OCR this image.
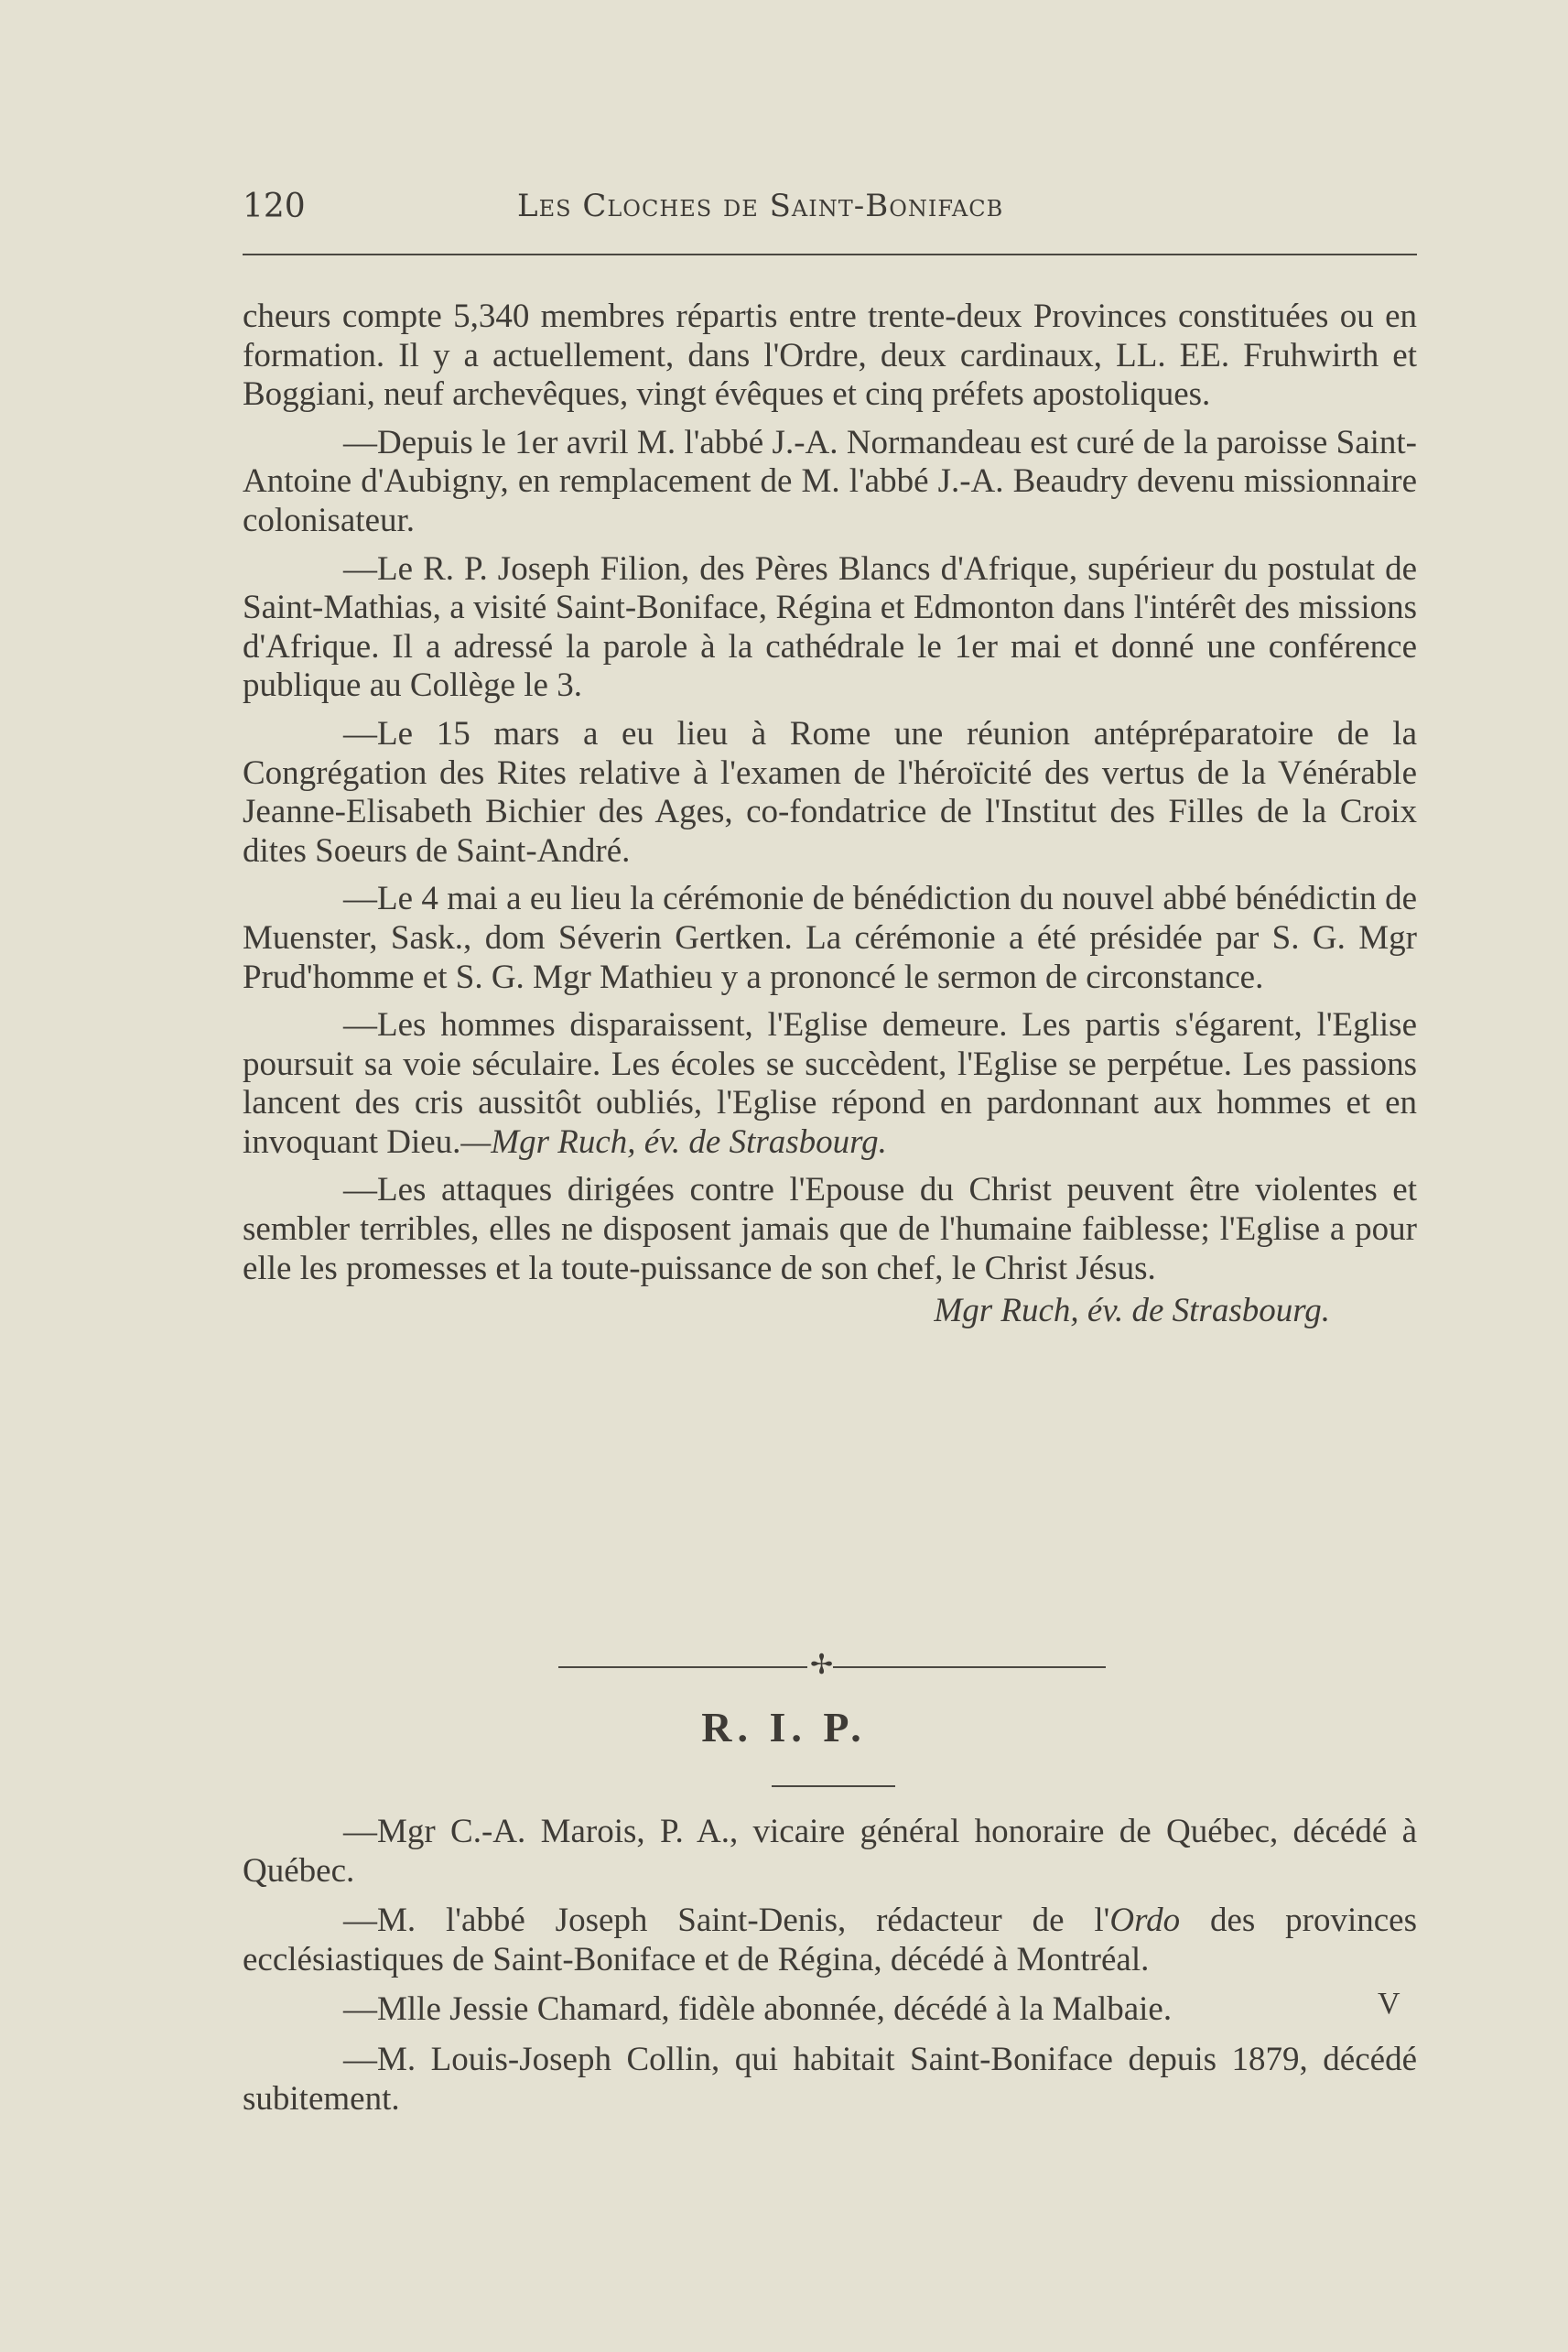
120	Les Cloches de Saint-Bonifacb

cheurs compte 5,340 membres répartis entre trente-deux Provinces constituées ou en formation. Il y a actuellement, dans l'Ordre, deux cardinaux, LL. EE. Fruhwirth et Boggiani, neuf archevêques, vingt évêques et cinq préfets apostoliques.

—Depuis le 1er avril M. l'abbé J.-A. Normandeau est curé de la paroisse Saint-Antoine d'Aubigny, en remplacement de M. l'abbé J.-A. Beaudry devenu missionnaire colonisateur.

—Le R. P. Joseph Filion, des Pères Blancs d'Afrique, supérieur du postulat de Saint-Mathias, a visité Saint-Boniface, Régina et Edmonton dans l'intérêt des missions d'Afrique. Il a adressé la parole à la cathédrale le 1er mai et donné une conférence publique au Collège le 3.

—Le 15 mars a eu lieu à Rome une réunion antépréparatoire de la Congrégation des Rites relative à l'examen de l'héroïcité des vertus de la Vénérable Jeanne-Elisabeth Bichier des Ages, co-fondatrice de l'Institut des Filles de la Croix dites Soeurs de Saint-André.

—Le 4 mai a eu lieu la cérémonie de bénédiction du nouvel abbé bénédictin de Muenster, Sask., dom Séverin Gertken. La cérémonie a été présidée par S. G. Mgr Prud'homme et S. G. Mgr Mathieu y a prononcé le sermon de circonstance.

—Les hommes disparaissent, l'Eglise demeure. Les partis s'égarent, l'Eglise poursuit sa voie séculaire. Les écoles se succèdent, l'Eglise se perpétue. Les passions lancent des cris aussitôt oubliés, l'Eglise répond en pardonnant aux hommes et en invoquant Dieu.—Mgr Ruch, év. de Strasbourg.

—Les attaques dirigées contre l'Epouse du Christ peuvent être violentes et sembler terribles, elles ne disposent jamais que de l'humaine faiblesse; l'Eglise a pour elle les promesses et la toute-puissance de son chef, le Christ Jésus.

Mgr Ruch, év. de Strasbourg.

✢
R. I. P.

—Mgr C.-A. Marois, P. A., vicaire général honoraire de Québec, décédé à Québec.

—M. l'abbé Joseph Saint-Denis, rédacteur de l'Ordo des provinces ecclésiastiques de Saint-Boniface et de Régina, décédé à Montréal.

—Mlle Jessie Chamard, fidèle abonnée, décédé à la Malbaie.

—M. Louis-Joseph Collin, qui habitait Saint-Boniface depuis 1879, décédé subitement.

V
